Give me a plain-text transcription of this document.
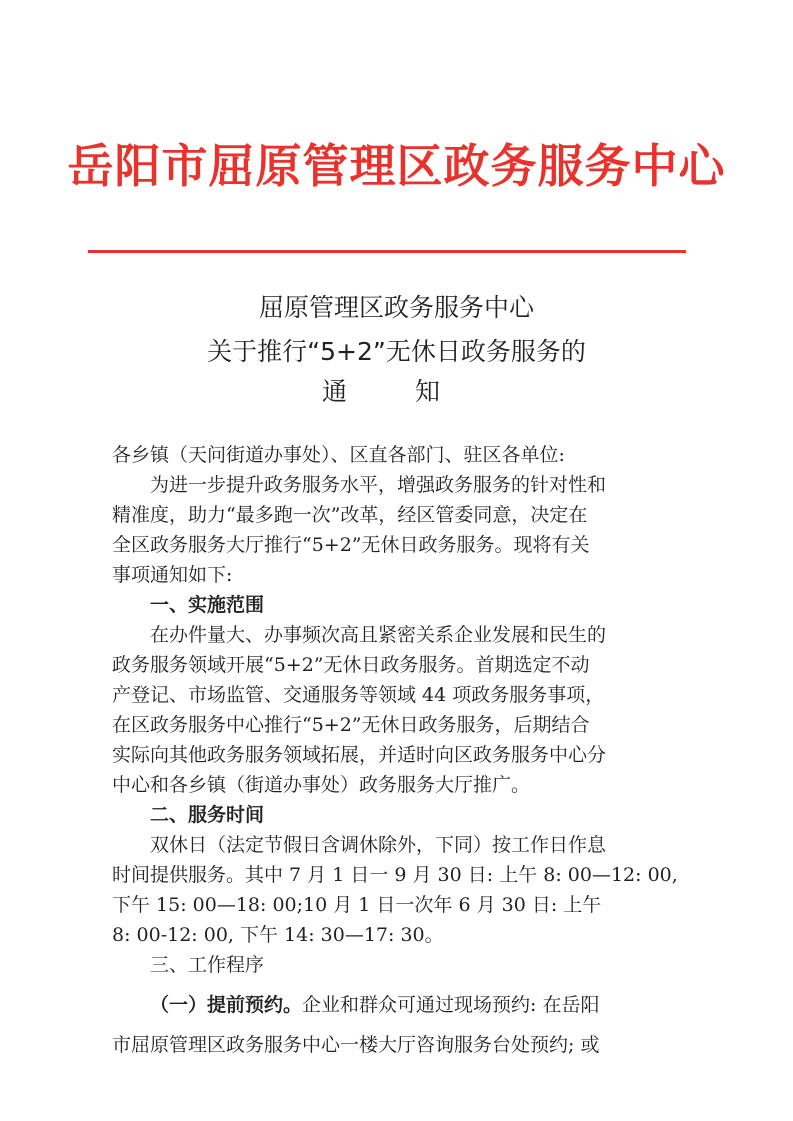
岳阳市屈原管理区政务服务中心
屈原管理区政务服务中心
关于推行“5+2”无休日政务服务的
通	知
各乡镇（天问街道办事处）、区直各部门、驻区各单位:
为进一步提升政务服务水平，增强政务服务的针对性和
精准度，助力“最多跑一次”改革，经区管委同意，决定在
全区政务服务大厅推行“5+2”无休日政务服务。现将有关
事项通知如下:
一、实施范围
在办件量大、办事频次高且紧密关系企业发展和民生的
政务服务领域开展“5+2”无休日政务服务。首期选定不动
产登记、市场监管、交通服务等领域 44 项政务服务事项，
在区政务服务中心推行“5+2”无休日政务服务，后期结合
实际向其他政务服务领域拓展，并适时向区政务服务中心分
中心和各乡镇（街道办事处）政务服务大厅推广。
二、服务时间
双休日（法定节假日含调休除外，下同）按工作日作息
时间提供服务。其中 7 月 1 日一 9 月 30 日: 上午 8: 00—12: 00,
下午 15: 00—18: 00;10 月 1 日一次年 6 月 30 日: 上午
8: 00-12: 00, 下午 14: 30—17: 30。
三、工作程序
（一）提前预约。企业和群众可通过现场预约: 在岳阳
市屈原管理区政务服务中心一楼大厅咨询服务台处预约; 或
